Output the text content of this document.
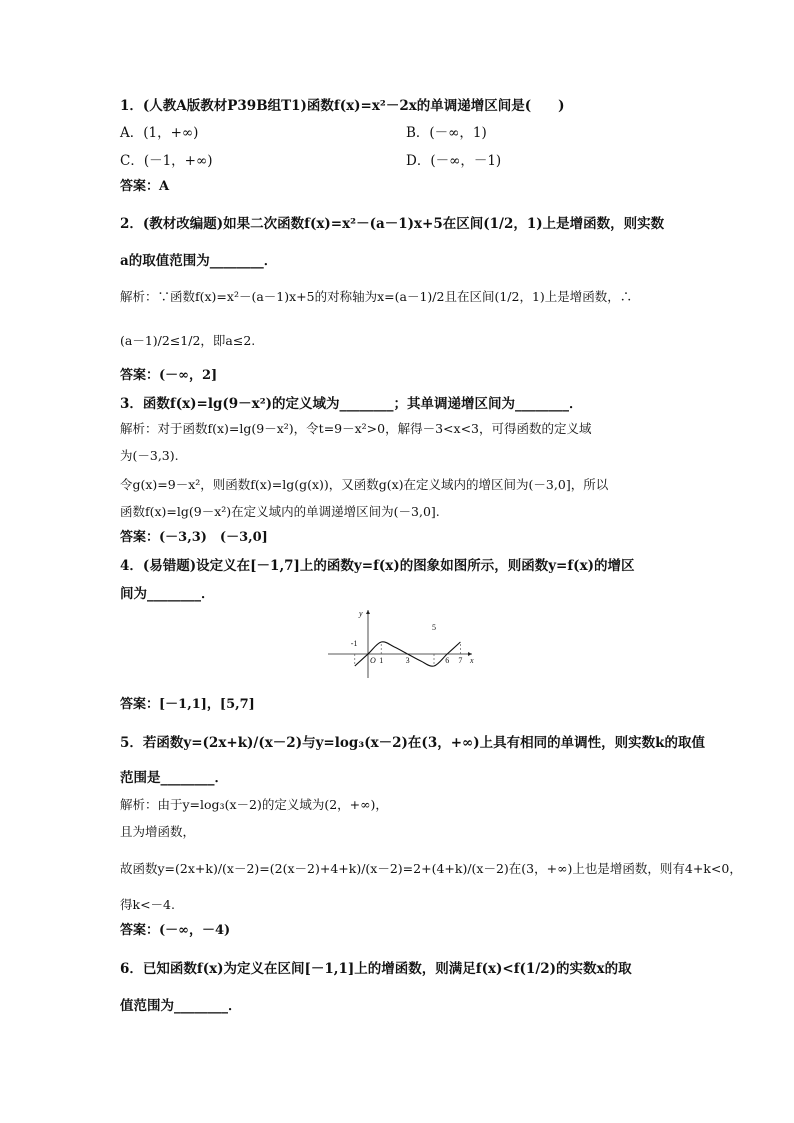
1．(人教A版教材P39B组T1)函数f(x)=x²－2x的单调递增区间是(　　)
A．(1，+∞)	B．(－∞，1)
C．(－1，+∞)	D．(－∞，－1)
答案：A
2．(教材改编题)如果二次函数f(x)=x²－(a－1)x+5在区间(1/2，1)上是增函数，则实数
a的取值范围为________．
解析：∵函数f(x)=x²－(a－1)x+5的对称轴为x=(a－1)/2且在区间(1/2，1)上是增函数，∴
(a－1)/2≤1/2，即a≤2.
答案：(－∞，2]
3．函数f(x)=lg(9－x²)的定义域为________；其单调递增区间为________．
解析：对于函数f(x)=lg(9－x²)，令t=9－x²>0，解得－3<x<3，可得函数的定义域
为(－3,3).
令g(x)=9－x²，则函数f(x)=lg(g(x))，又函数g(x)在定义域内的增区间为(－3,0]，所以
函数f(x)=lg(9－x²)在定义域内的单调递增区间为(－3,0].
答案：(－3,3)　(－3,0]
4．(易错题)设定义在[－1,7]上的函数y=f(x)的图象如图所示，则函数y=f(x)的增区
间为________．
y
x
O
-1
1	3
5
6 7
答案：[－1,1]，[5,7]
5．若函数y=(2x+k)/(x－2)与y=log₃(x－2)在(3，+∞)上具有相同的单调性，则实数k的取值
范围是________．
解析：由于y=log₃(x－2)的定义域为(2，+∞)，
且为增函数，
故函数y=(2x+k)/(x－2)=(2(x－2)+4+k)/(x－2)=2+(4+k)/(x－2)在(3，+∞)上也是增函数，则有4+k<0，
得k<－4.
答案：(－∞，－4)
6．已知函数f(x)为定义在区间[－1,1]上的增函数，则满足f(x)<f(1/2)的实数x的取
值范围为________．
